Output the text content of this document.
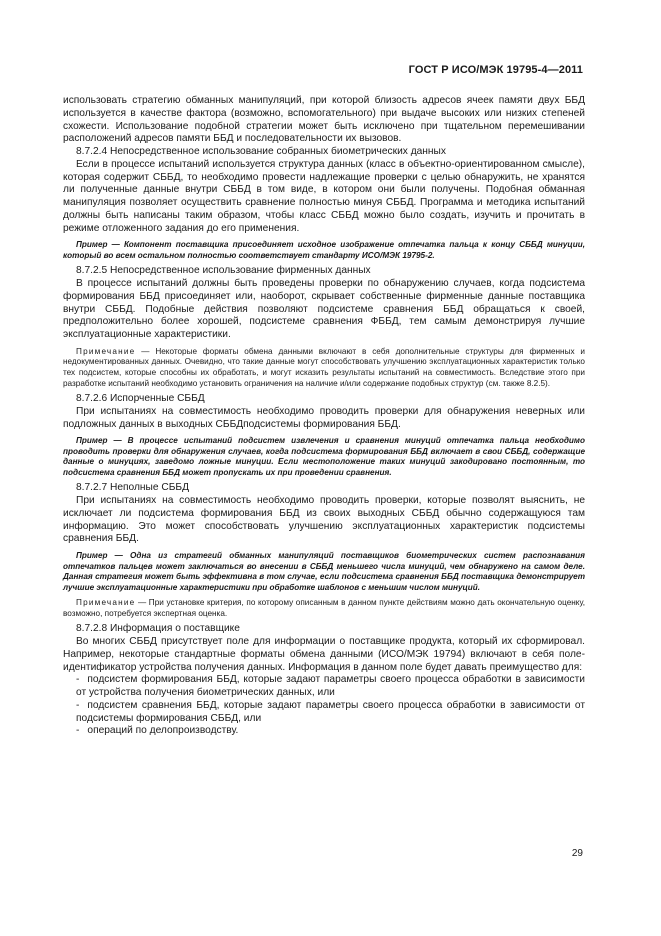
ГОСТ Р ИСО/МЭК 19795-4—2011

использовать стратегию обманных манипуляций, при которой близость адресов ячеек памяти двух ББД используется в качестве фактора (возможно, вспомогательного) при выдаче высоких или низких степеней схожести. Использование подобной стратегии может быть исключено при тщательном перемешивании расположений адресов памяти ББД и последовательности их вызовов.

8.7.2.4 Непосредственное использование собранных биометрических данных

Если в процессе испытаний используется структура данных (класс в объектно-ориентированном смысле), которая содержит СББД, то необходимо провести надлежащие проверки с целью обнаружить, не хранятся ли полученные данные внутри СББД в том виде, в котором они были получены. Подобная обманная манипуляция позволяет осуществить сравнение полностью минуя СББД. Программа и методика испытаний должны быть написаны таким образом, чтобы класс СББД можно было создать, изучить и прочитать в режиме отложенного задания до его применения.

Пример — Компонент поставщика присоединяет исходное изображение отпечатка пальца к концу СББД минуции, который во всем остальном полностью соответствует стандарту ИСО/МЭК 19795-2.

8.7.2.5 Непосредственное использование фирменных данных

В процессе испытаний должны быть проведены проверки по обнаружению случаев, когда подсистема формирования ББД присоединяет или, наоборот, скрывает собственные фирменные данные поставщика внутри СББД. Подобные действия позволяют подсистеме сравнения ББД обращаться к своей, предположительно более хорошей, подсистеме сравнения ФББД, тем самым демонстрируя лучшие эксплуатационные характеристики.

Примечание — Некоторые форматы обмена данными включают в себя дополнительные структуры для фирменных и недокументированных данных. Очевидно, что такие данные могут способствовать улучшению эксплуатационных характеристик только тех подсистем, которые способны их обработать, и могут исказить результаты испытаний на совместимость. Вследствие этого при разработке испытаний необходимо установить ограничения на наличие и/или содержание подобных структур (см. также 8.2.5).

8.7.2.6 Испорченные СББД

При испытаниях на совместимость необходимо проводить проверки для обнаружения неверных или подложных данных в выходных СББДподсистемы формирования ББД.

Пример — В процессе испытаний подсистем извлечения и сравнения минуций отпечатка пальца необходимо проводить проверки для обнаружения случаев, когда подсистема формирования ББД включает в свои СББД, содержащие данные о минуциях, заведомо ложные минуции. Если местоположение таких минуций закодировано постоянным, то подсистема сравнения ББД может пропускать их при проведении сравнения.

8.7.2.7 Неполные СББД

При испытаниях на совместимость необходимо проводить проверки, которые позволят выяснить, не исключает ли подсистема формирования ББД из своих выходных СББД обычно содержащуюся там информацию. Это может способствовать улучшению эксплуатационных характеристик подсистемы сравнения ББД.

Пример — Одна из стратегий обманных манипуляций поставщиков биометрических систем распознавания отпечатков пальцев может заключаться во внесении в СББД меньшего числа минуций, чем обнаружено на самом деле. Данная стратегия может быть эффективна в том случае, если подсистема сравнения ББД поставщика демонстрирует лучшие эксплуатационные характеристики при обработке шаблонов с меньшим числом минуций.

Примечание — При установке критерия, по которому описанным в данном пункте действиям можно дать окончательную оценку, возможно, потребуется экспертная оценка.

8.7.2.8 Информация о поставщике

Во многих СББД присутствует поле для информации о поставщике продукта, который их сформировал. Например, некоторые стандартные форматы обмена данными (ИСО/МЭК 19794) включают в себя поле-идентификатор устройства получения данных. Информация в данном поле будет давать преимущество для:

- подсистем формирования ББД, которые задают параметры своего процесса обработки в зависимости от устройства получения биометрических данных, или

- подсистем сравнения ББД, которые задают параметры своего процесса обработки в зависимости от подсистемы формирования СББД, или

- операций по делопроизводству.

29
